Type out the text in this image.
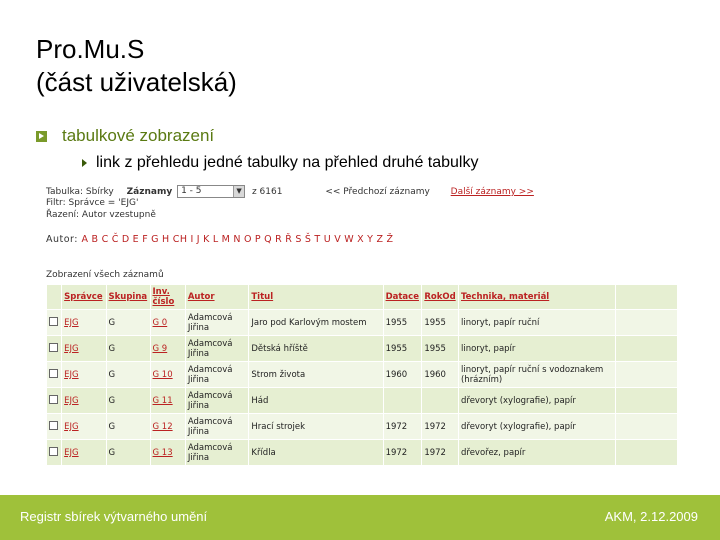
Pro.Mu.S
(část uživatelská)
tabulkové zobrazení
link z přehledu jedné tabulky na přehled druhé tabulky
Tabulka: Sbírky Záznamy 1 - 5	▼ z 6161	<< Předchozí záznamy Další záznamy >>
Filtr: Správce = 'EJG'
Řazení: Autor vzestupně
Autor: A B C Č D E F G H CH I J K L M N O P Q R Ř S Š T U V W X Y Z Ž
Zobrazení všech záznamů
	Správce	Skupina	Inv. číslo	Autor	Titul	Datace	RokOd	Technika, materiál	
	EJG	G	G 0	Adamcová Jiřina	Jaro pod Karlovým mostem	1955	1955	linoryt, papír ruční	
	EJG	G	G 9	Adamcová Jiřina	Dětská hříště	1955	1955	linoryt, papír	
	EJG	G	G 10	Adamcová Jiřina	Strom života	1960	1960	linoryt, papír ruční s vodoznakem (hrázním)	
	EJG	G	G 11	Adamcová Jiřina	Hád			dřevoryt (xylografie), papír	
	EJG	G	G 12	Adamcová Jiřina	Hrací strojek	1972	1972	dřevoryt (xylografie), papír	
	EJG	G	G 13	Adamcová Jiřina	Křídla	1972	1972	dřevořez, papír	
Registr sbírek výtvarného umění	AKM, 2.12.2009
